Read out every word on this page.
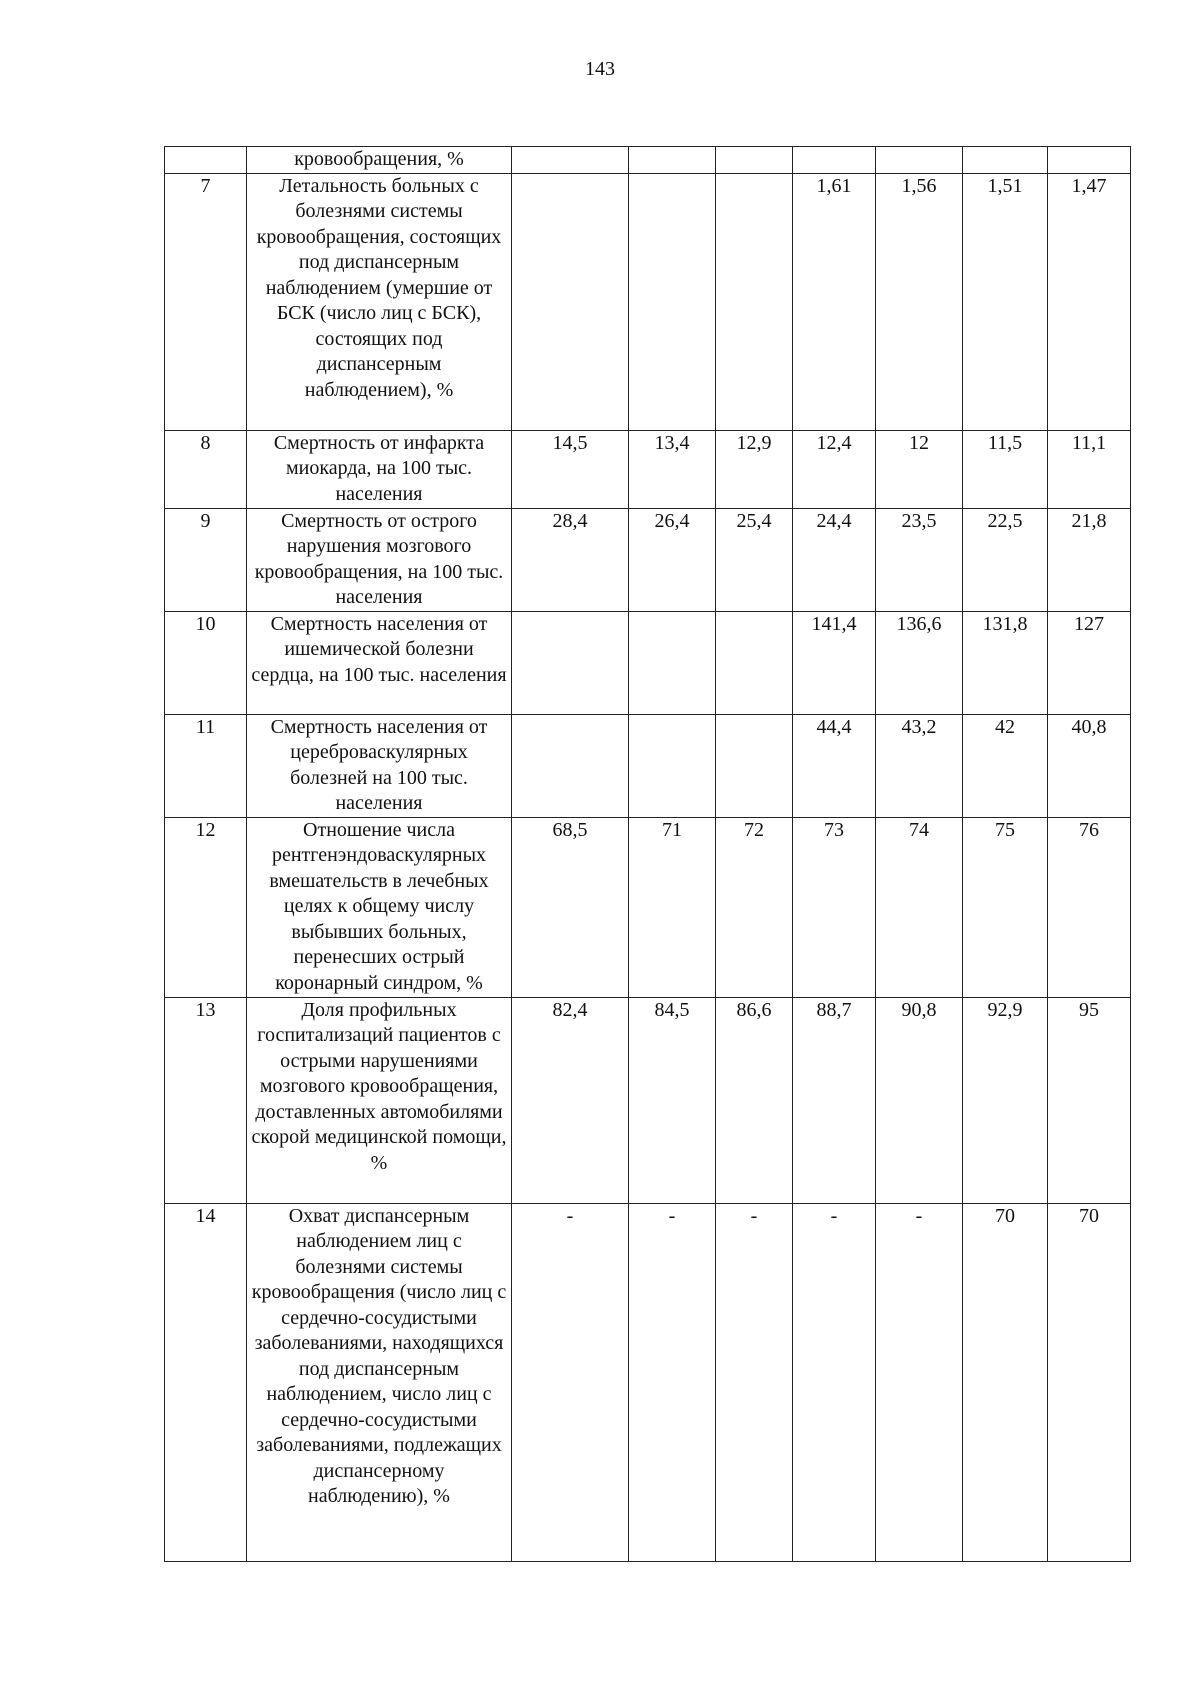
143
	кровообращения, %							
7	Летальность больных с болезнями системы кровообращения, состоящих под диспансерным наблюдением (умершие от БСК (число лиц с БСК), состоящих под диспансерным наблюдением), %				1,61	1,56	1,51	1,47
8	Смертность от инфаркта миокарда, на 100 тыс. населения	14,5	13,4	12,9	12,4	12	11,5	11,1
9	Смертность от острого нарушения мозгового кровообращения, на 100 тыс. населения	28,4	26,4	25,4	24,4	23,5	22,5	21,8
10	Смертность населения от ишемической болезни сердца, на 100 тыс. населения				141,4	136,6	131,8	127
11	Смертность населения от цереброваскулярных болезней на 100 тыс. населения				44,4	43,2	42	40,8
12	Отношение числа рентгенэндоваскулярных вмешательств в лечебных целях к общему числу выбывших больных, перенесших острый коронарный синдром, %	68,5	71	72	73	74	75	76
13	Доля профильных госпитализаций пациентов с острыми нарушениями мозгового кровообращения, доставленных автомобилями скорой медицинской помощи, %	82,4	84,5	86,6	88,7	90,8	92,9	95
14	Охват диспансерным наблюдением лиц с болезнями системы кровообращения (число лиц с сердечно-сосудистыми заболеваниями, находящихся под диспансерным наблюдением, число лиц с сердечно-сосудистыми заболеваниями, подлежащих диспансерному наблюдению), %	-	-	-	-	-	70	70
